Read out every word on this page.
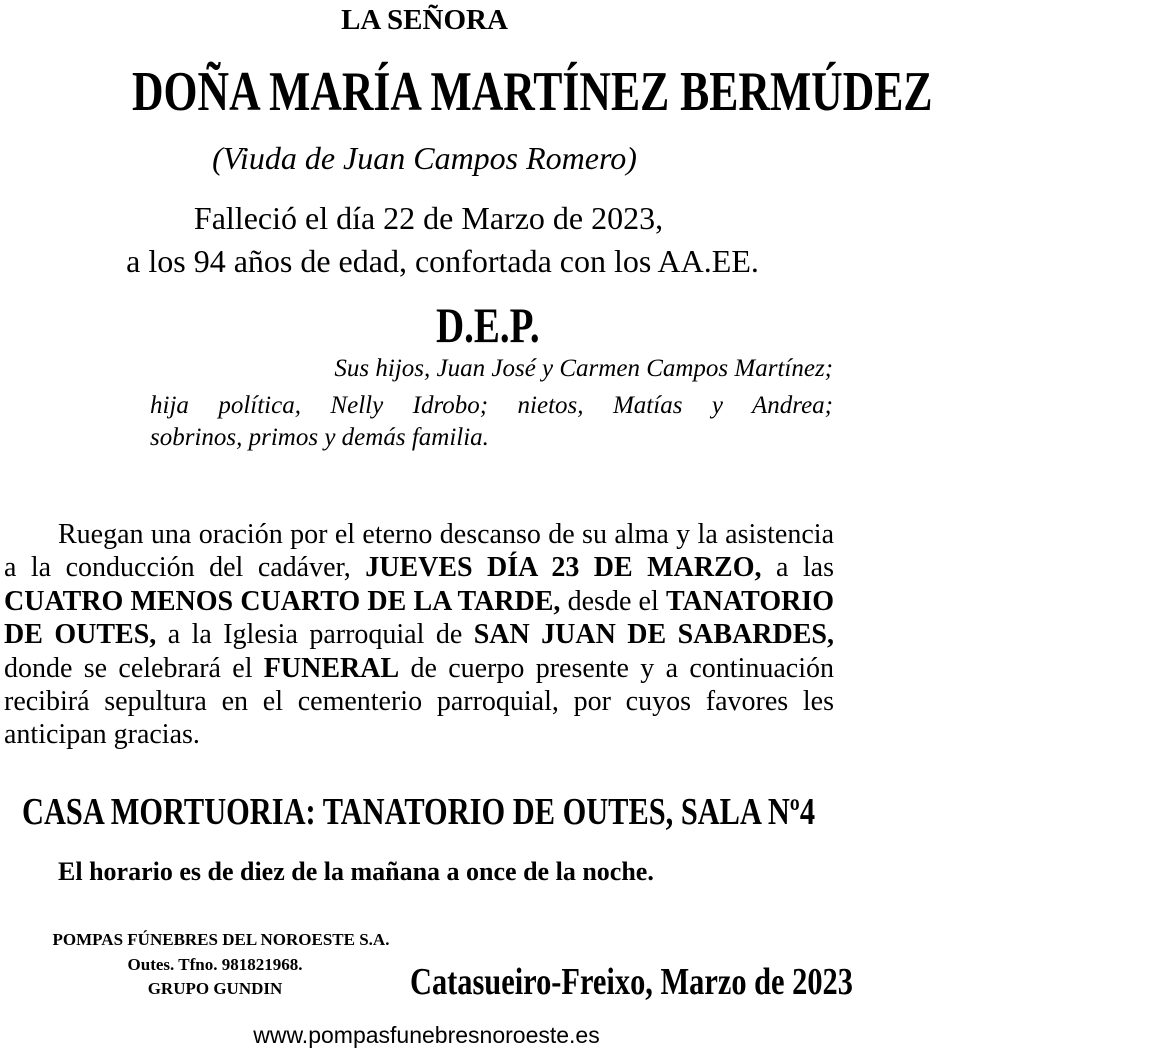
LA SEÑORA
DOÑA MARÍA MARTÍNEZ BERMÚDEZ
(Viuda de Juan Campos Romero)
Falleció el día 22 de Marzo de 2023,
a los 94 años de edad, confortada con los AA.EE.
D.E.P.
Sus hijos, Juan José y Carmen Campos Martínez;
hija política, Nelly Idrobo; nietos, Matías y Andrea;
sobrinos, primos y demás familia.
Ruegan una oración por el eterno descanso de su alma y la asistencia a la conducción del cadáver, JUEVES DÍA 23 DE MARZO, a las CUATRO MENOS CUARTO DE LA TARDE, desde el TANATORIO DE OUTES, a la Iglesia parroquial de SAN JUAN DE SABARDES, donde se celebrará el FUNERAL de cuerpo presente y a continuación recibirá sepultura en el cementerio parroquial, por cuyos favores les anticipan gracias.
CASA MORTUORIA: TANATORIO DE OUTES, SALA Nº4
El horario es de diez de la mañana a once de la noche.
POMPAS FÚNEBRES DEL NOROESTE S.A.
Outes. Tfno. 981821968.
GRUPO GUNDIN	Catasueiro-Freixo, Marzo de 2023
www.pompasfunebresnoroeste.es
